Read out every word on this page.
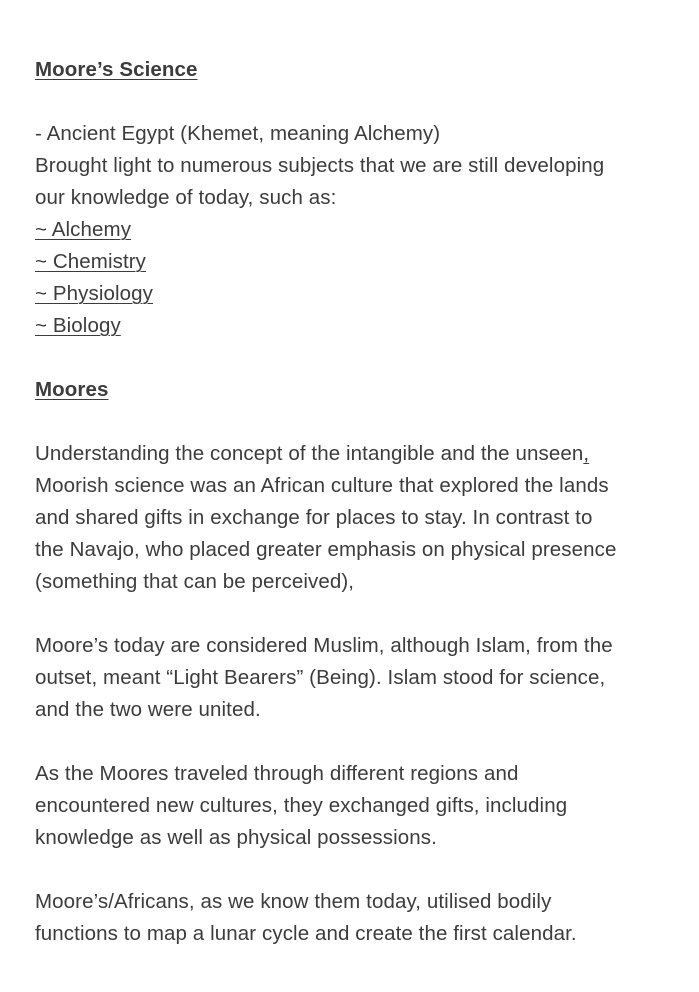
Moore’s Science
- Ancient Egypt (Khemet, meaning Alchemy)
Brought light to numerous subjects that we are still developing
our knowledge of today, such as:
~ Alchemy
~ Chemistry
~ Physiology
~ Biology
Moores
Understanding the concept of the intangible and the unseen,
Moorish science was an African culture that explored the lands
and shared gifts in exchange for places to stay. In contrast to
the Navajo, who placed greater emphasis on physical presence
(something that can be perceived),
Moore’s today are considered Muslim, although Islam, from the
outset, meant “Light Bearers” (Being). Islam stood for science,
and the two were united.
As the Moores traveled through different regions and
encountered new cultures, they exchanged gifts, including
knowledge as well as physical possessions.
Moore’s/Africans, as we know them today, utilised bodily
functions to map a lunar cycle and create the first calendar.
